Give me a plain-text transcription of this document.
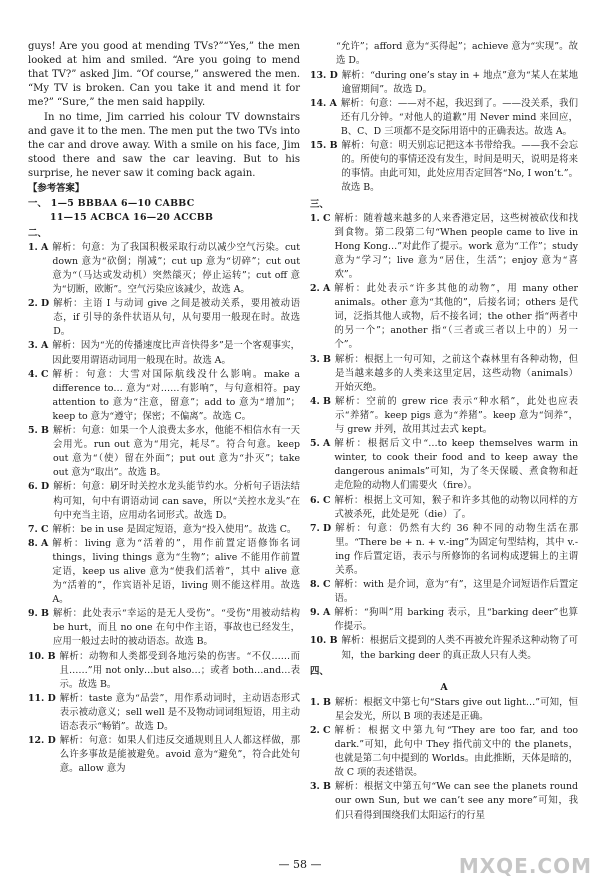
guys! Are you good at mending TVs?”“Yes,” the men looked at him and smiled. “Are you going to mend that TV?” asked Jim. “Of course,” answered the men. “My TV is broken. Can you take it and mend it for me?” “Sure,” the men said happily.
In no time, Jim carried his colour TV downstairs and gave it to the men. The men put the two TVs into the car and drove away. With a smile on his face, Jim stood there and saw the car leaving. But to his surprise, he never saw it coming back again.
【参考答案】
一、 1—5 BBBAA 6—10 CABBC
11—15 ACBCA 16—20 ACCBB
二、
1. A 解析：句意：为了我国积极采取行动以减少空气污染。cut down 意为“砍倒；削减”；cut up 意为“切碎”；cut out 意为“（马达或发动机）突然燄灭；停止运转”；cut off 意为“切断，欧断”。空气污染应该减少，故选 A。
2. D 解析：主语 I 与动词 give 之间是被动关系，要用被动语态，if 引导的条件状语从句，从句要用一般现在时。故选 D。
3. A 解析：因为“光的传播速度比声音快得多”是一个客观事实，因此要用谓语动词用一般现在时。故选 A。
4. C 解析：句意：大雪对国际航线没什么影响。make a difference to… 意为“对……有影响”，与句意相符。pay attention to 意为“注意，留意”；add to 意为“增加”；keep to 意为“遵守；保密；不偏离”。故选 C。
5. B 解析：句意：如果一个人浪费太多水，他能不相信水有一天会用光。run out 意为“用完，耗尽”。符合句意。keep out 意为“（使）留在外面”；put out 意为“扑灭”；take out 意为“取出”。故选 B。
6. D 解析：句意：刷牙时关控水龙头能节约水。分析句子语法结构可知，句中有谓语动词 can save，所以“关控水龙头”在句中充当主语，应用动名词形式。故选 D。
7. C 解析：be in use 是固定短语，意为“投入使用”。故选 C。
8. A 解析：living 意为“活着的”，用作前置定语修饰名词 things，living things 意为“生物”；alive 不能用作前置定语，keep us alive 意为“使我们活着”，其中 alive 意为“活着的”，作宾语补足语，living 则不能这样用。故选 A。
9. B 解析：此处表示“幸运的是无人受伤”。“受伤”用被动结构 be hurt，而且 no one 在句中作主语，事故也已经发生，应用一般过去时的被动语态。故选 B。
10. B 解析：动物和人类都受到各地污染的伤害。“不仅……而且……”用 not only…but also…；或者 both…and…表示。故选 B。
11. D 解析：taste 意为“品尝”，用作系动词时，主动语态形式表示被动意义；sell well 是不及物动词词组短语，用主动语态表示“畅销”。故选 D。
12. D 解析：句意：如果人们违反交通规则且人人都这样做，那么许多事故是能被避免。avoid 意为“避免”，符合此处句意。allow 意为
“允许”；afford 意为“买得起”；achieve 意为“实现”。故选 D。
13. D 解析：“during one’s stay in + 地点”意为“某人在某地逾留期间”。故选 D。
14. A 解析：句意：——对不起，我迟到了。——没关系，我们还有几分钟。“对他人的道歉”用 Never mind 来回应，B、C、D 三项都不是交际用语中的正确表达。故选 A。
15. B 解析：句意：明天别忘记把这本书带给我。——我不会忘的。所使句的事情还没有发生，时间是明天，说明是将来的事情。由此可知，此处应用否定回答“No, I won’t.”。故选 B。
三、
1. C 解析：随着越来越多的人来香港定居，这些树被砍伐和找到食物。第二段第二句“When people came to live in Hong Kong…”对此作了提示。work 意为“工作”；study 意为“学习”；live 意为“居住，生活”；enjoy 意为“喜欢”。
2. A 解析：此处表示“许多其他的动物”，用 many other animals。other 意为“其他的”，后接名词；others 是代词，泛指其他人或物，后不接名词；the other 指“两者中的另一个”；another 指“（三者或三者以上中的）另一个”。
3. B 解析：根据上一句可知，之前这个森林里有各种动物，但是当越来越多的人类来这里定居，这些动物（animals）开始灭绝。
4. B 解析：空前的 grew rice 表示“种水稻”，此处也应表示“养猪”。keep pigs 意为“养猪”。keep 意为“饲养”，与 grew 并列，故用其过去式 kept。
5. A 解析：根据后文中“…to keep themselves warm in winter, to cook their food and to keep away the dangerous animals”可知，为了冬天保暖、煮食物和赶走危险的动物人们需要火（fire）。
6. C 解析：根据上文可知，猴子和许多其他的动物以同样的方式被杀死，此处是死（die）了。
7. D 解析：句意：仍然有大约 36 种不同的动物生活在那里。“There be + n. + v.-ing”为固定句型结构，其中 v.-ing 作后置定语，表示与所修饰的名词构成逻辑上的主谓关系。
8. C 解析：with 是介词，意为“有”，这里是介词短语作后置定语。
9. A 解析：“狗叫”用 barking 表示，且“barking deer”也算作提示。
10. B 解析：根据后文提到的人类不再被允许猩杀这种动物了可知，the barking deer 的真正敌人只有人类。
四、
A
1. B 解析：根据文中第七句“Stars give out light…”可知，恒星会发光，所以 B 项的表述是正确。
2. C 解析：根据文中第九句“They are too far, and too dark.”可知，此句中 They 指代前文中的 the planets，也就是第二句中提到的 Worlds。由此推断，天体是暗的，故 C 项的表述错误。
3. B 解析：根据文中第五句“We can see the planets round our own Sun, but we can’t see any more”可知，我们只看得到围绕我们太阳运行的行星
— 58 —	MXQE.COM
